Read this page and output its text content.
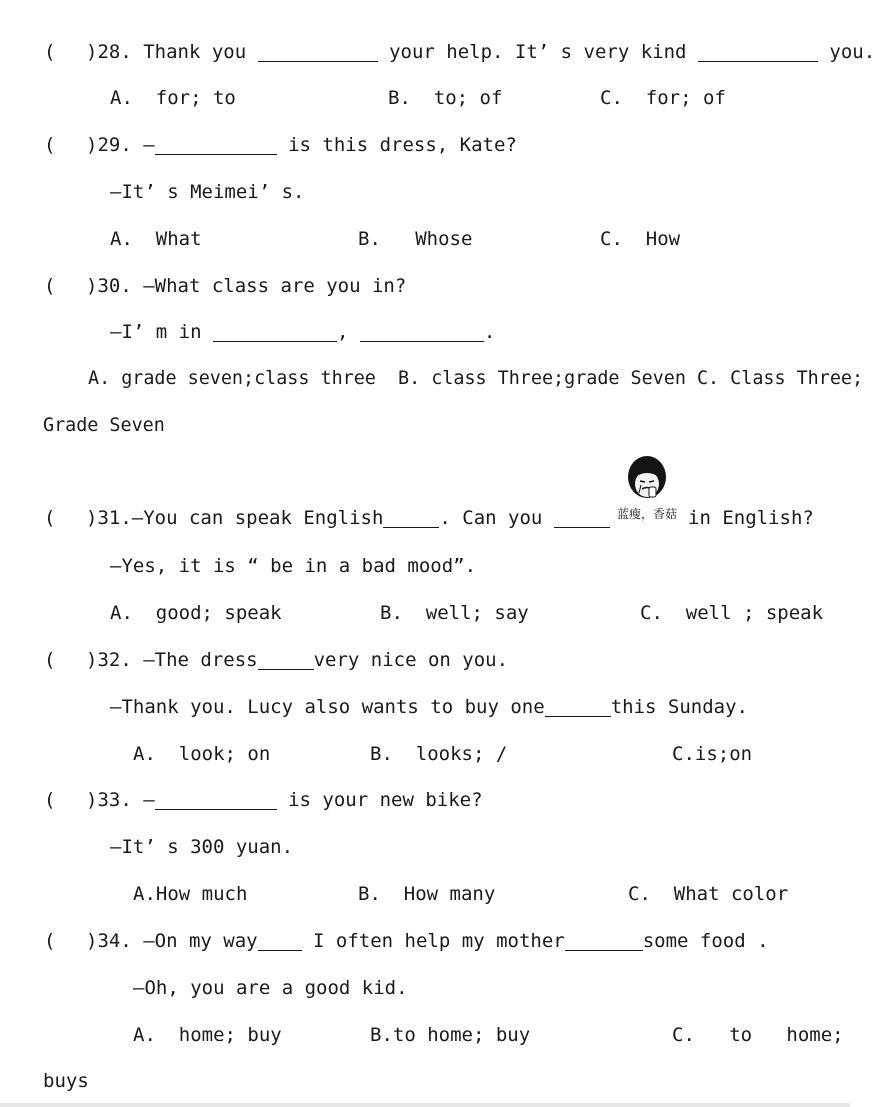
( )28. Thank you	your help. It’ s very kind	you.
A.  for; to	B.  to; of	C.  for; of
( )29. —	is this dress, Kate?
—It’ s Meimei’ s.
A.  What	B.   Whose	C.  How
( )30. —What class are you in?
—I’ m in	,	.
A. grade seven;class three  B. class Three;grade Seven C. Class Three;
Grade Seven
( )31.—You can speak English	. Can you	蓝瘦，香菇 in English?
—Yes, it is “ be in a bad mood”.
A.  good; speak	B.  well; say	C.  well ; speak
( )32. —The dress	very nice on you.
—Thank you. Lucy also wants to buy one	this Sunday.
A.  look; on	B.  looks; /	C.is;on
( )33. —	is your new bike?
—It’ s 300 yuan.
A.How much	B.  How many	C.  What color
( )34. —On my way	I often help my mother	some food .
—Oh, you are a good kid.
A.  home; buy	B.to home; buy	C.   to   home;
buys
